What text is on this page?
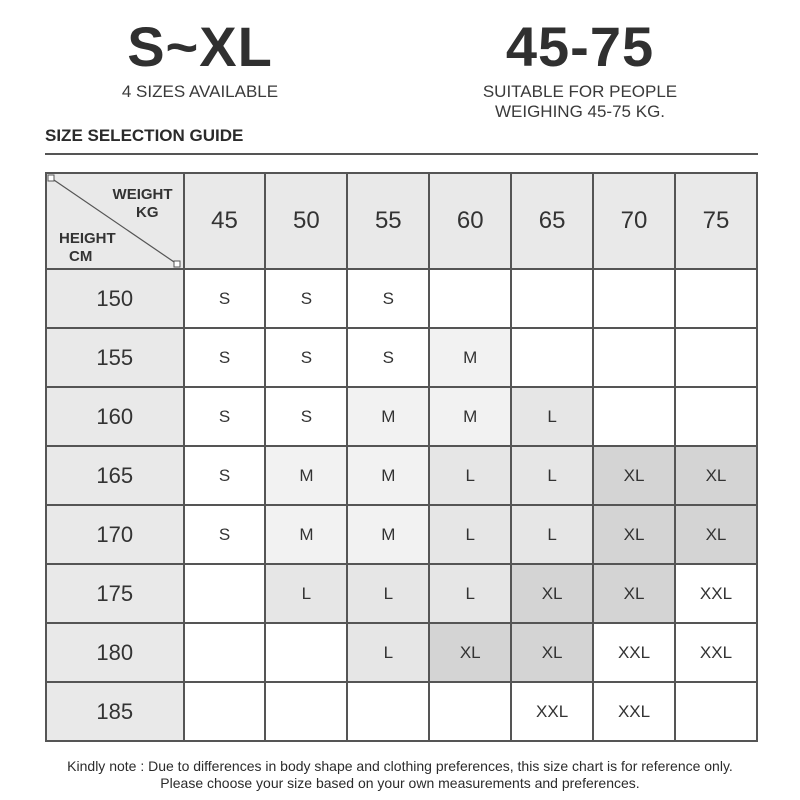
S~XL
4 SIZES AVAILABLE
45-75
SUITABLE FOR PEOPLE
WEIGHING 45-75 KG.
SIZE SELECTION GUIDE
WEIGHT
KG
HEIGHT
CM	45	50	55	60	65	70	75
150	S	S	S				
155	S	S	S	M			
160	S	S	M	M	L		
165	S	M	M	L	L	XL	XL
170	S	M	M	L	L	XL	XL
175		L	L	L	XL	XL	XXL
180			L	XL	XL	XXL	XXL
185					XXL	XXL	
Kindly note : Due to differences in body shape and clothing preferences, this size chart is for reference only.
Please choose your size based on your own measurements and preferences.
